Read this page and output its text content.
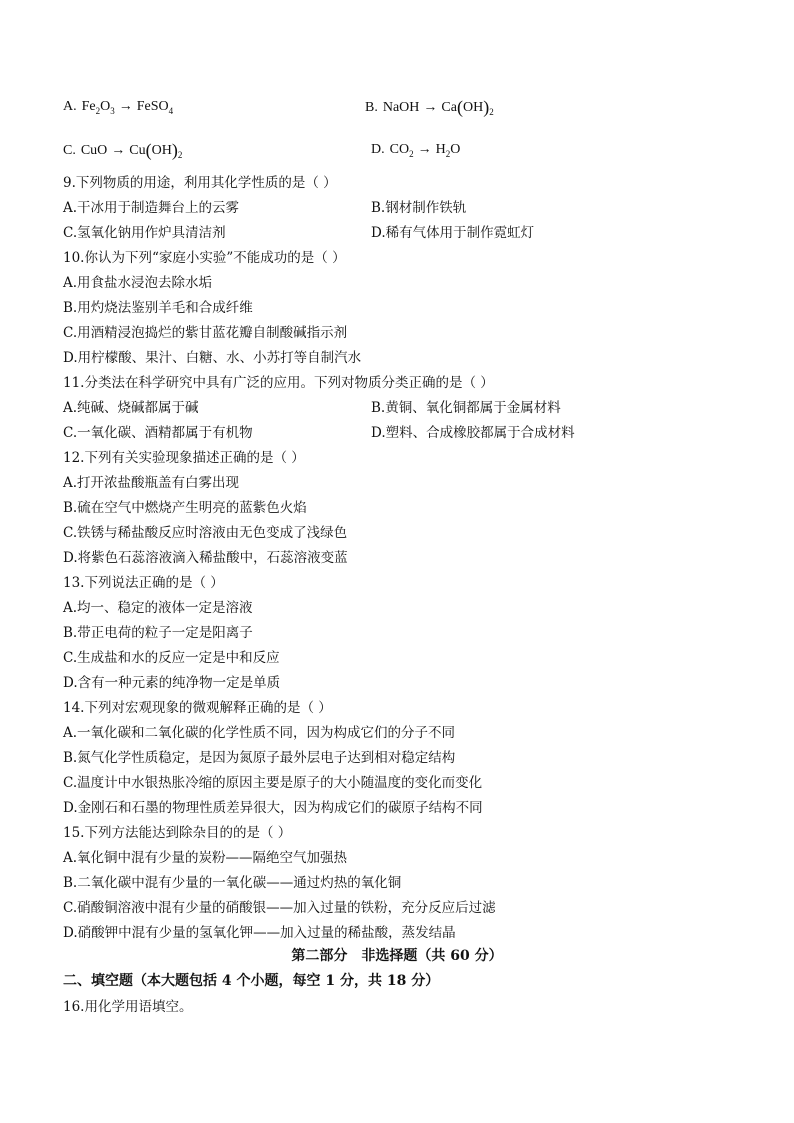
A. $Fe_2O_3$ → FeSO$_4$	B. NaOH → $Ca(OH)_2$
C. CuO → $Cu(OH)_2$	D. $CO_2 \to H_2O$
9.下列物质的用途，利用其化学性质的是（ ）
A.干冰用于制造舞台上的云雾	B.钢材制作铁轨
C.氢氧化钠用作炉具清洁剂	D.稀有气体用于制作霓虹灯
10.你认为下列“家庭小实验”不能成功的是（ ）
A.用食盐水浸泡去除水垢
B.用灼烧法鉴别羊毛和合成纤维
C.用酒精浸泡捣烂的紫甘蓝花瓣自制酸碱指示剂
D.用柠檬酸、果汁、白糖、水、小苏打等自制汽水
11.分类法在科学研究中具有广泛的应用。下列对物质分类正确的是（ ）
A.纯碱、烧碱都属于碱	B.黄铜、氧化铜都属于金属材料
C.一氧化碳、酒精都属于有机物	D.塑料、合成橡胶都属于合成材料
12.下列有关实验现象描述正确的是（ ）
A.打开浓盐酸瓶盖有白雾出现
B.硫在空气中燃烧产生明亮的蓝紫色火焰
C.铁锈与稀盐酸反应时溶液由无色变成了浅绿色
D.将紫色石蕊溶液滴入稀盐酸中，石蕊溶液变蓝
13.下列说法正确的是（ ）
A.均一、稳定的液体一定是溶液
B.带正电荷的粒子一定是阳离子
C.生成盐和水的反应一定是中和反应
D.含有一种元素的纯净物一定是单质
14.下列对宏观现象的微观解释正确的是（ ）
A.一氧化碳和二氧化碳的化学性质不同，因为构成它们的分子不同
B.氮气化学性质稳定，是因为氮原子最外层电子达到相对稳定结构
C.温度计中水银热胀冷缩的原因主要是原子的大小随温度的变化而变化
D.金刚石和石墨的物理性质差异很大，因为构成它们的碳原子结构不同
15.下列方法能达到除杂目的的是（ ）
A.氧化铜中混有少量的炭粉——隔绝空气加强热
B.二氧化碳中混有少量的一氧化碳——通过灼热的氧化铜
C.硝酸铜溶液中混有少量的硝酸银——加入过量的铁粉，充分反应后过滤
D.硝酸钾中混有少量的氢氧化钾——加入过量的稀盐酸，蒸发结晶
第二部分　非选择题（共 60 分）
二、填空题（本大题包括 4 个小题，每空 1 分，共 18 分）
16.用化学用语填空。
